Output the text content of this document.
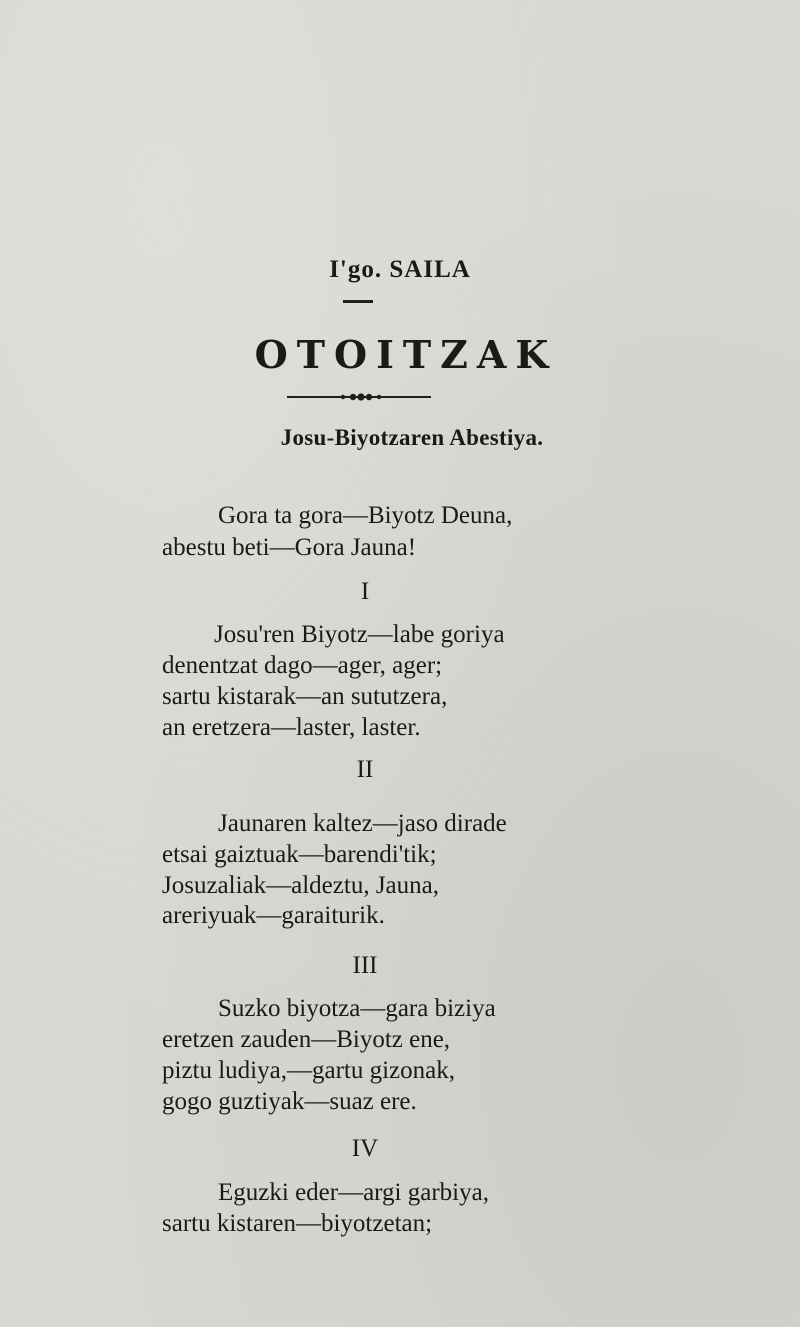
I'go. SAILA
OTOITZAK
Josu-Biyotzaren Abestiya.
Gora ta gora—Biyotz Deuna,
abestu beti—Gora Jauna!
I
Josu'ren Biyotz—labe goriya
denentzat dago—ager, ager;
sartu kistarak—an sututzera,
an eretzera—laster, laster.
II
Jaunaren kaltez—jaso dirade
etsai gaiztuak—barendi'tik;
Josuzaliak—aldeztu, Jauna,
areriyuak—garaiturik.
III
Suzko biyotza—gara biziya
eretzen zauden—Biyotz ene,
piztu ludiya,—gartu gizonak,
gogo guztiyak—suaz ere.
IV
Eguzki eder—argi garbiya,
sartu kistaren—biyotzetan;
